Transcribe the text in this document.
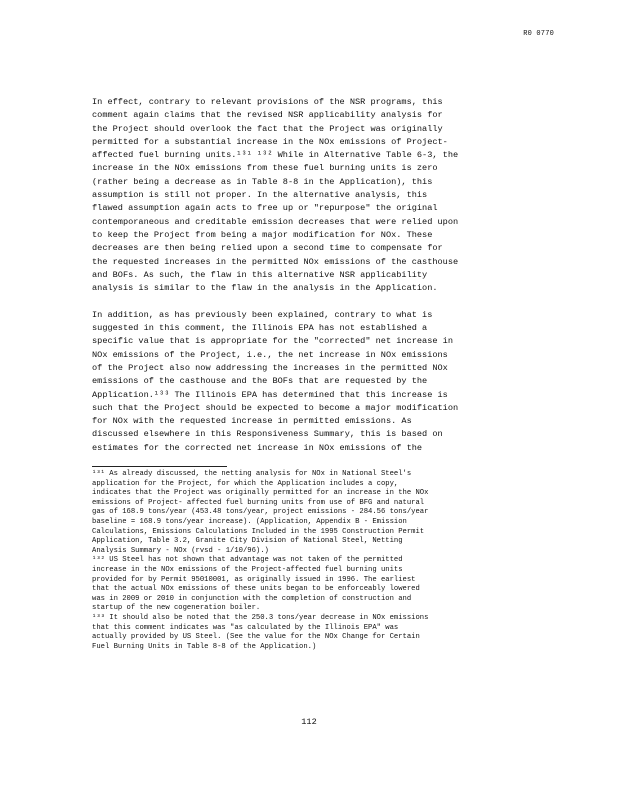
R0 0770
In effect, contrary to relevant provisions of the NSR programs, this
comment again claims that the revised NSR applicability analysis for
the Project should overlook the fact that the Project was originally
permitted for a substantial increase in the NOx emissions of Project-
affected fuel burning units.¹³¹ ¹³² While in Alternative Table 6-3, the
increase in the NOx emissions from these fuel burning units is zero
(rather being a decrease as in Table 8-8 in the Application), this
assumption is still not proper. In the alternative analysis, this
flawed assumption again acts to free up or "repurpose" the original
contemporaneous and creditable emission decreases that were relied upon
to keep the Project from being a major modification for NOx. These
decreases are then being relied upon a second time to compensate for
the requested increases in the permitted NOx emissions of the casthouse
and BOFs. As such, the flaw in this alternative NSR applicability
analysis is similar to the flaw in the analysis in the Application.
In addition, as has previously been explained, contrary to what is
suggested in this comment, the Illinois EPA has not established a
specific value that is appropriate for the "corrected" net increase in
NOx emissions of the Project, i.e., the net increase in NOx emissions
of the Project also now addressing the increases in the permitted NOx
emissions of the casthouse and the BOFs that are requested by the
Application.¹³³ The Illinois EPA has determined that this increase is
such that the Project should be expected to become a major modification
for NOx with the requested increase in permitted emissions. As
discussed elsewhere in this Responsiveness Summary, this is based on
estimates for the corrected net increase in NOx emissions of the
¹³¹ As already discussed, the netting analysis for NOx in National Steel's
application for the Project, for which the Application includes a copy,
indicates that the Project was originally permitted for an increase in the NOx
emissions of Project- affected fuel burning units from use of BFG and natural
gas of 168.9 tons/year (453.48 tons/year, project emissions - 284.56 tons/year
baseline = 168.9 tons/year increase). (Application, Appendix B - Emission
Calculations, Emissions Calculations Included in the 1995 Construction Permit
Application, Table 3.2, Granite City Division of National Steel, Netting
Analysis Summary - NOx (rvsd - 1/10/96).)
¹³² US Steel has not shown that advantage was not taken of the permitted
increase in the NOx emissions of the Project-affected fuel burning units
provided for by Permit 95010001, as originally issued in 1996. The earliest
that the actual NOx emissions of these units began to be enforceably lowered
was in 2009 or 2010 in conjunction with the completion of construction and
startup of the new cogeneration boiler.
¹³³ It should also be noted that the 250.3 tons/year decrease in NOx emissions
that this comment indicates was "as calculated by the Illinois EPA" was
actually provided by US Steel. (See the value for the NOx Change for Certain
Fuel Burning Units in Table 8-8 of the Application.)
112
